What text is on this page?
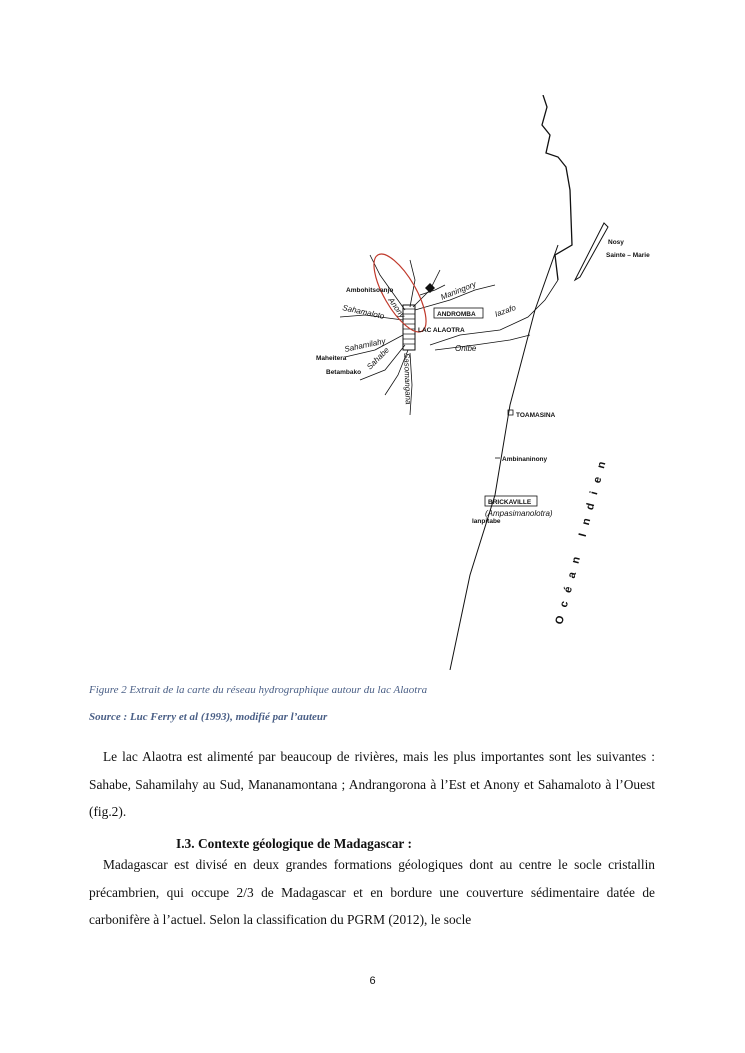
Ambohitsoanjo
Sahamaloto Anony
Maningory
ANDROMBA Iazafo
LAC ALAOTRA
Sahamilahy
Sahabe
Maheitera
Betambako	Sasomangana
Onibe
Nosy
Sainte – Marie
TOAMASINA
Ambinaninony
BRICKAVILLE
(Ampasimanolotra)
lanpitabe	Océan Indien
Figure 2 Extrait de la carte du réseau hydrographique autour du lac Alaotra
Source : Luc Ferry et al (1993), modifié par l’auteur
Le lac Alaotra est alimenté par beaucoup de rivières, mais les plus importantes sont les suivantes : Sahabe, Sahamilahy au Sud, Mananamontana ; Andrangorona à l’Est et Anony et Sahamaloto à l’Ouest (fig.2).
I.3. Contexte géologique de Madagascar :
Madagascar est divisé en deux grandes formations géologiques dont au centre le socle cristallin précambrien, qui occupe 2/3 de Madagascar et en bordure une couverture sédimentaire datée de carbonifère à l’actuel. Selon la classification du PGRM (2012), le socle
6
